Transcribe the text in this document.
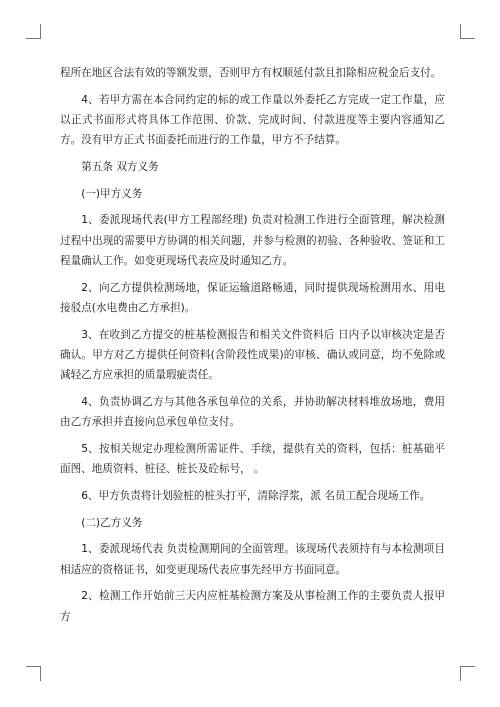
程所在地区合法有效的等额发票，否则甲方有权顺延付款且扣除相应税金后支付。

4、若甲方需在本合同约定的标的或工作量以外委托乙方完成一定工作量，应以正式书面形式将具体工作范围、价款、完成时间、付款进度等主要内容通知乙方。没有甲方正式书面委托而进行的工作量，甲方不予结算。

第五条 双方义务

(一)甲方义务

1、委派现场代表(甲方工程部经理) 负责对检测工作进行全面管理，解决检测过程中出现的需要甲方协调的相关问题，并参与检测的初验、各种验收、签证和工程量确认工作。如变更现场代表应及时通知乙方。

2、向乙方提供检测场地，保证运输道路畅通，同时提供现场检测用水、用电接驳点(水电费由乙方承担)。

3、在收到乙方提交的桩基检测报告和相关文件资料后 日内予以审核决定是否确认。甲方对乙方提供任何资料(含阶段性成果)的审核、确认或同意，均不免除或减轻乙方应承担的质量瑕疵责任。

4、负责协调乙方与其他各承包单位的关系，并协助解决材料堆放场地，费用由乙方承担并直接向总承包单位支付。

5、按相关规定办理检测所需证件、手续，提供有关的资料，包括：桩基础平面图、地质资料、桩径、桩长及砼标号， 。

6、甲方负责将计划验桩的桩头打平，清除浮浆，派 名员工配合现场工作。

(二)乙方义务

1、委派现场代表 负责检测期间的全面管理。该现场代表须持有与本检测项目相适应的资格证书，如变更现场代表应事先经甲方书面同意。

2、检测工作开始前三天内应桩基检测方案及从事检测工作的主要负责人报甲方
